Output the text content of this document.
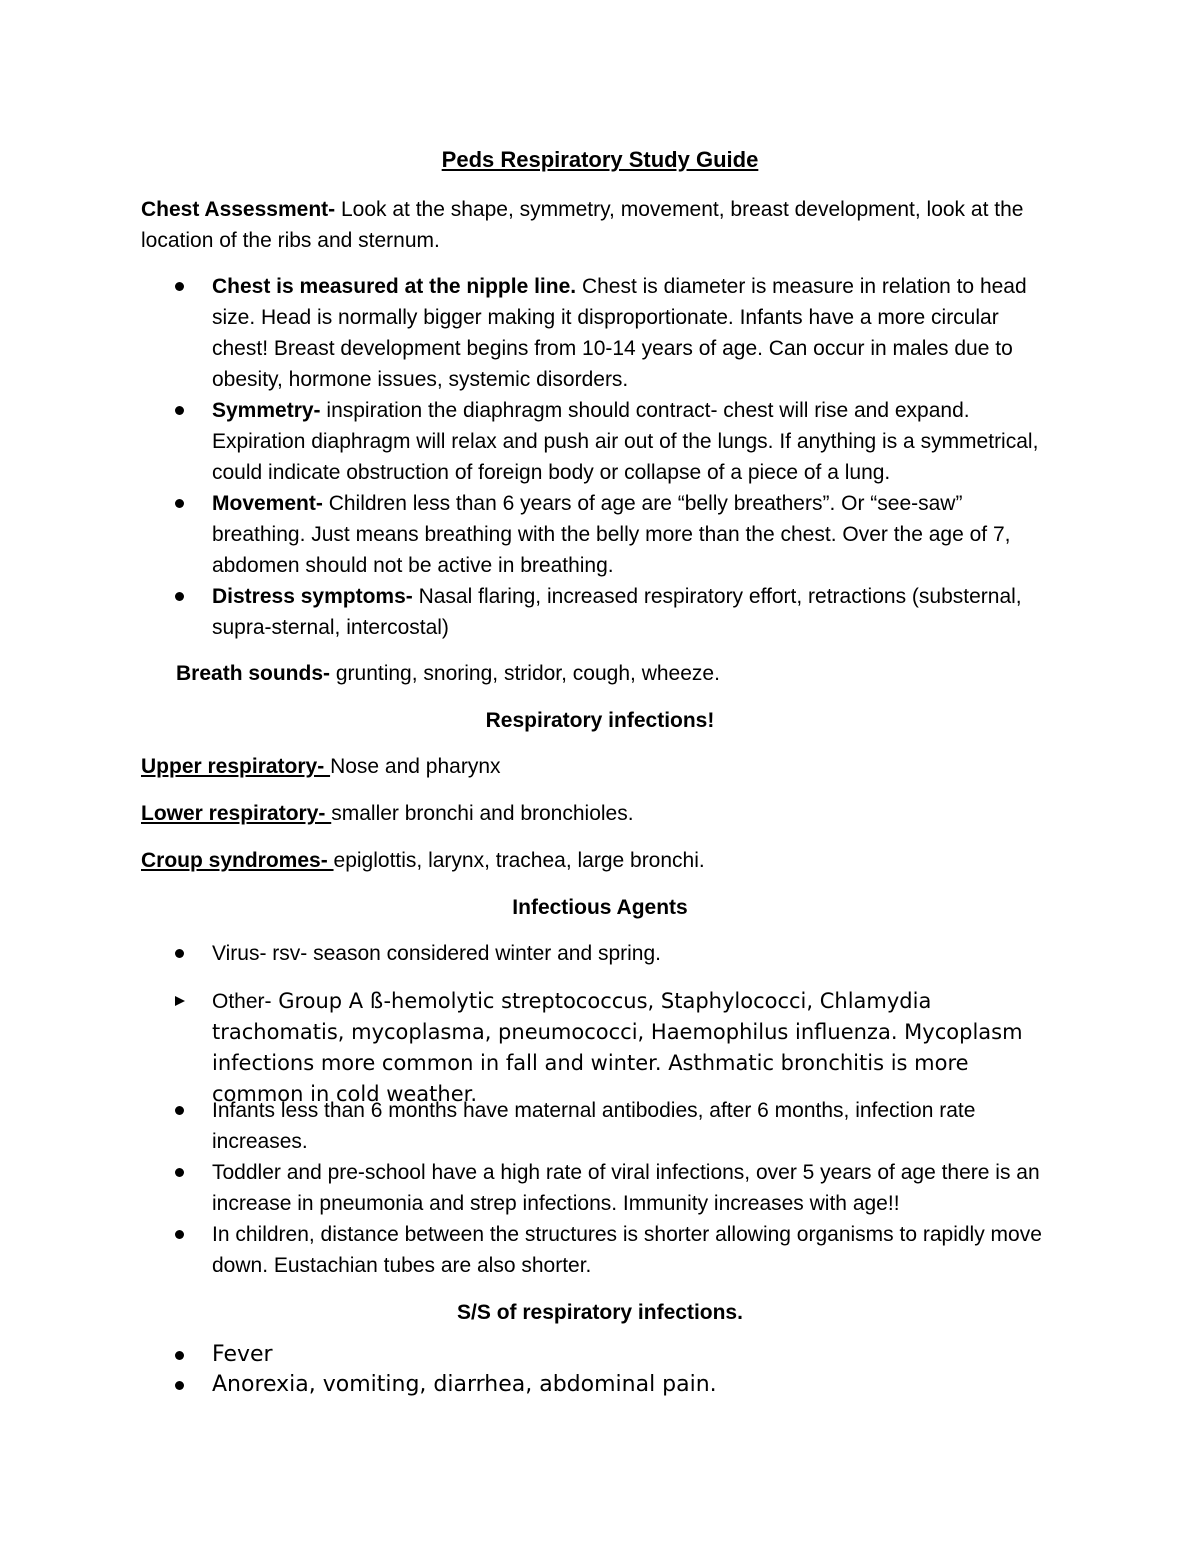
Peds Respiratory Study Guide

Chest Assessment- Look at the shape, symmetry, movement, breast development, look at the location of the ribs and sternum.

Chest is measured at the nipple line. Chest is diameter is measure in relation to head size. Head is normally bigger making it disproportionate. Infants have a more circular chest! Breast development begins from 10-14 years of age. Can occur in males due to obesity, hormone issues, systemic disorders.
Symmetry- inspiration the diaphragm should contract- chest will rise and expand. Expiration diaphragm will relax and push air out of the lungs. If anything is a symmetrical, could indicate obstruction of foreign body or collapse of a piece of a lung.
Movement- Children less than 6 years of age are “belly breathers”. Or “see-saw” breathing. Just means breathing with the belly more than the chest. Over the age of 7, abdomen should not be active in breathing.
Distress symptoms- Nasal flaring, increased respiratory effort, retractions (substernal, supra-sternal, intercostal)

Breath sounds- grunting, snoring, stridor, cough, wheeze.

Respiratory infections!

Upper respiratory- Nose and pharynx

Lower respiratory- smaller bronchi and bronchioles.

Croup syndromes- epiglottis, larynx, trachea, large bronchi.

Infectious Agents
Virus- rsv- season considered winter and spring.
Other- Group A ß-hemolytic streptococcus, Staphylococci, Chlamydia trachomatis, mycoplasma, pneumococci, Haemophilus influenza. Mycoplasm infections more common in fall and winter. Asthmatic bronchitis is more common in cold weather.
Infants less than 6 months have maternal antibodies, after 6 months, infection rate increases.
Toddler and pre-school have a high rate of viral infections, over 5 years of age there is an increase in pneumonia and strep infections. Immunity increases with age!!
In children, distance between the structures is shorter allowing organisms to rapidly move down. Eustachian tubes are also shorter.
S/S of respiratory infections.
Fever
Anorexia, vomiting, diarrhea, abdominal pain.
